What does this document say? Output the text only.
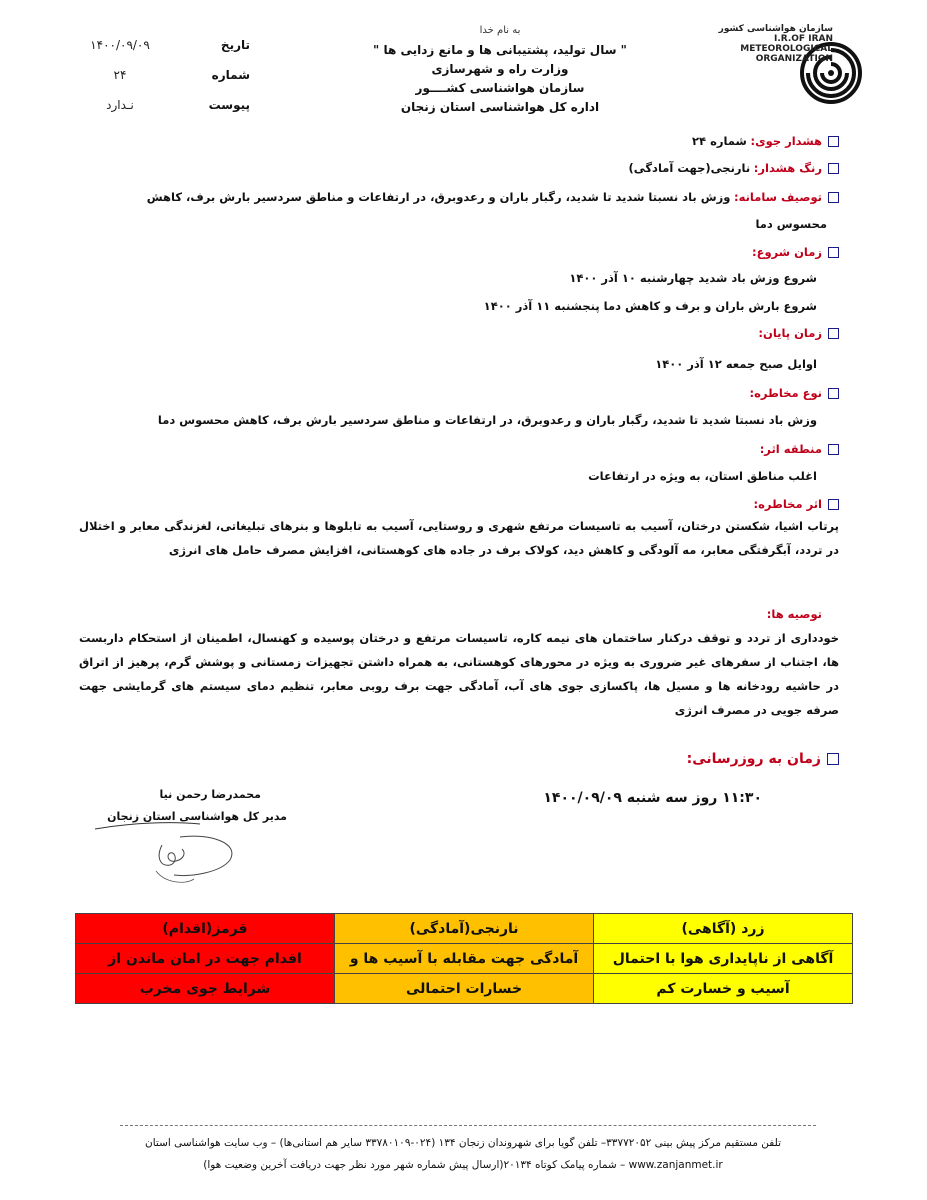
سازمان هواشناسی کشور
I.R.OF IRAN
METEOROLOGICAL
ORGANIZATION
به نام خدا
" سال تولید، پشتیبانی ها و مانع زدایی ها "
وزارت راه و شهرسازی
سازمان هواشناسی کشــــور
اداره کل هواشناسی استان زنجان
تاریخ
۱۴۰۰/۰۹/۰۹
شماره
۲۴
پیوست
نـدارد
هشدار جوی: شماره ۲۴
رنگ هشدار: نارنجی(جهت آمادگی)
توصیف سامانه: وزش باد نسبتا شدید تا شدید، رگبار باران و رعدوبرق، در ارتفاعات و مناطق سردسیر بارش برف، کاهش
محسوس دما
زمان شروع:
شروع وزش باد شدید چهارشنبه ۱۰ آذر ۱۴۰۰
شروع بارش باران و برف و کاهش دما پنجشنبه ۱۱ آذر ۱۴۰۰
زمان پایان:
اوایل صبح جمعه ۱۲ آذر ۱۴۰۰
نوع مخاطره:
وزش باد نسبتا شدید تا شدید، رگبار باران و رعدوبرق، در ارتفاعات و مناطق سردسیر بارش برف، کاهش محسوس دما
منطقه اثر:
اغلب مناطق استان، به ویژه در ارتفاعات
اثر مخاطره:
پرتاب اشیا، شکستن درختان، آسیب به تاسیسات مرتفع شهری و روستایی، آسیب به تابلوها و بنرهای تبلیغاتی، لغزندگی معابر و اختلال در تردد، آبگرفتگی معابر، مه آلودگی و کاهش دید، کولاک برف در جاده های کوهستانی، افزایش مصرف حامل های انرژی
توصیه ها:
خودداری از تردد و توقف درکنار ساختمان های نیمه کاره، تاسیسات مرتفع و درختان پوسیده و کهنسال، اطمینان از استحکام داربست ها، اجتناب از سفرهای غیر ضروری به ویژه در محورهای کوهستانی، به همراه داشتن تجهیزات زمستانی و پوشش گرم، پرهیز از اتراق در حاشیه رودخانه ها و مسیل ها، پاکسازی جوی های آب، آمادگی جهت برف روبی معابر، تنظیم دمای سیستم های گرمایشی جهت صرفه جویی در مصرف انرژی
زمان به روزرسانی:
۱۱:۳۰ روز سه شنبه ۱۴۰۰/۰۹/۰۹
محمدرضا رحمن نیا
مدیر کل هواشناسی استان زنجان
زرد (آگاهی)	نارنجی(آمادگی)	قرمز(اقدام)
آگاهی از ناپایداری هوا با احتمال	آمادگی جهت مقابله با آسیب ها و	اقدام جهت در امان ماندن از
آسیب و خسارت کم	خسارات احتمالی	شرایط جوی مخرب
تلفن مستقیم مرکز پیش بینی ۳۳۷۷۲۰۵۲– تلفن گویا برای شهروندان زنجان ۱۳۴ (۰۲۴-۳۳۷۸۰۱۰۹ سایر هم استانی‌ها) – وب سایت هواشناسی استان
www.zanjanmet.ir – شماره پیامک کوتاه ۲۰۱۳۴(ارسال پیش شماره شهر مورد نظر جهت دریافت آخرین وضعیت هوا)
